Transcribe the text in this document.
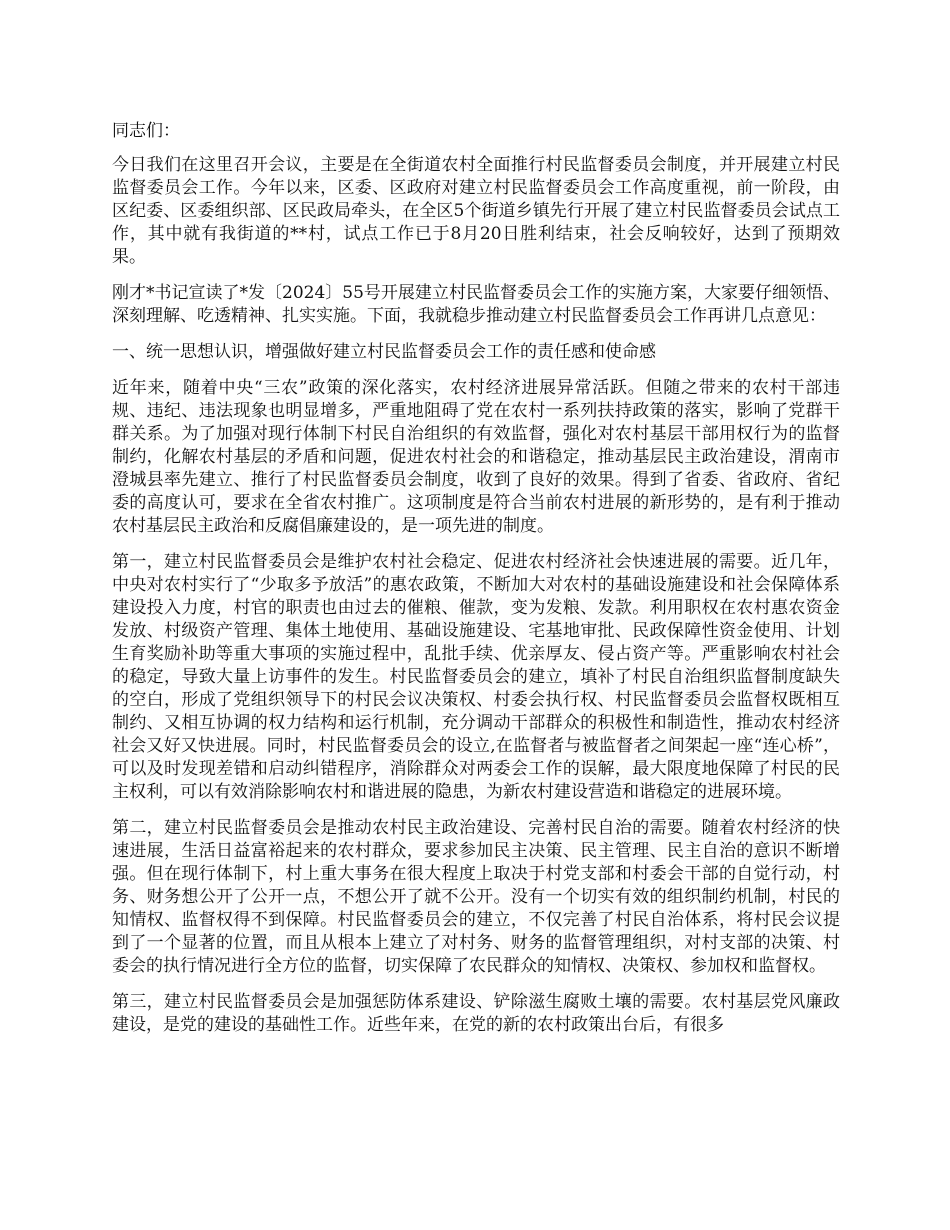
同志们：

今日我们在这里召开会议，主要是在全街道农村全面推行村民监督委员会制度，并开展建立村民监督委员会工作。今年以来，区委、区政府对建立村民监督委员会工作高度重视，前一阶段，由区纪委、区委组织部、区民政局牵头，在全区5个街道乡镇先行开展了建立村民监督委员会试点工作，其中就有我街道的**村，试点工作已于8月20日胜利结束，社会反响较好，达到了预期效果。

刚才*书记宣读了*发〔2024〕55号开展建立村民监督委员会工作的实施方案，大家要仔细领悟、深刻理解、吃透精神、扎实实施。下面，我就稳步推动建立村民监督委员会工作再讲几点意见：

一、统一思想认识，增强做好建立村民监督委员会工作的责任感和使命感

近年来，随着中央“三农”政策的深化落实，农村经济进展异常活跃。但随之带来的农村干部违规、违纪、违法现象也明显增多，严重地阻碍了党在农村一系列扶持政策的落实，影响了党群干群关系。为了加强对现行体制下村民自治组织的有效监督，强化对农村基层干部用权行为的监督制约，化解农村基层的矛盾和问题，促进农村社会的和谐稳定，推动基层民主政治建设，渭南市澄城县率先建立、推行了村民监督委员会制度，收到了良好的效果。得到了省委、省政府、省纪委的高度认可，要求在全省农村推广。这项制度是符合当前农村进展的新形势的，是有利于推动农村基层民主政治和反腐倡廉建设的，是一项先进的制度。

第一，建立村民监督委员会是维护农村社会稳定、促进农村经济社会快速进展的需要。近几年，中央对农村实行了“少取多予放活”的惠农政策，不断加大对农村的基础设施建设和社会保障体系建设投入力度，村官的职责也由过去的催粮、催款，变为发粮、发款。利用职权在农村惠农资金发放、村级资产管理、集体土地使用、基础设施建设、宅基地审批、民政保障性资金使用、计划生育奖励补助等重大事项的实施过程中，乱批手续、优亲厚友、侵占资产等。严重影响农村社会的稳定，导致大量上访事件的发生。村民监督委员会的建立，填补了村民自治组织监督制度缺失的空白，形成了党组织领导下的村民会议决策权、村委会执行权、村民监督委员会监督权既相互制约、又相互协调的权力结构和运行机制，充分调动干部群众的积极性和制造性，推动农村经济社会又好又快进展。同时，村民监督委员会的设立,在监督者与被监督者之间架起一座“连心桥”，可以及时发现差错和启动纠错程序，消除群众对两委会工作的误解，最大限度地保障了村民的民主权利，可以有效消除影响农村和谐进展的隐患，为新农村建设营造和谐稳定的进展环境。

第二，建立村民监督委员会是推动农村民主政治建设、完善村民自治的需要。随着农村经济的快速进展，生活日益富裕起来的农村群众，要求参加民主决策、民主管理、民主自治的意识不断增强。但在现行体制下，村上重大事务在很大程度上取决于村党支部和村委会干部的自觉行动，村务、财务想公开了公开一点，不想公开了就不公开。没有一个切实有效的组织制约机制，村民的知情权、监督权得不到保障。村民监督委员会的建立，不仅完善了村民自治体系，将村民会议提到了一个显著的位置，而且从根本上建立了对村务、财务的监督管理组织，对村支部的决策、村委会的执行情况进行全方位的监督，切实保障了农民群众的知情权、决策权、参加权和监督权。

第三，建立村民监督委员会是加强惩防体系建设、铲除滋生腐败土壤的需要。农村基层党风廉政建设，是党的建设的基础性工作。近些年来，在党的新的农村政策出台后，有很多
